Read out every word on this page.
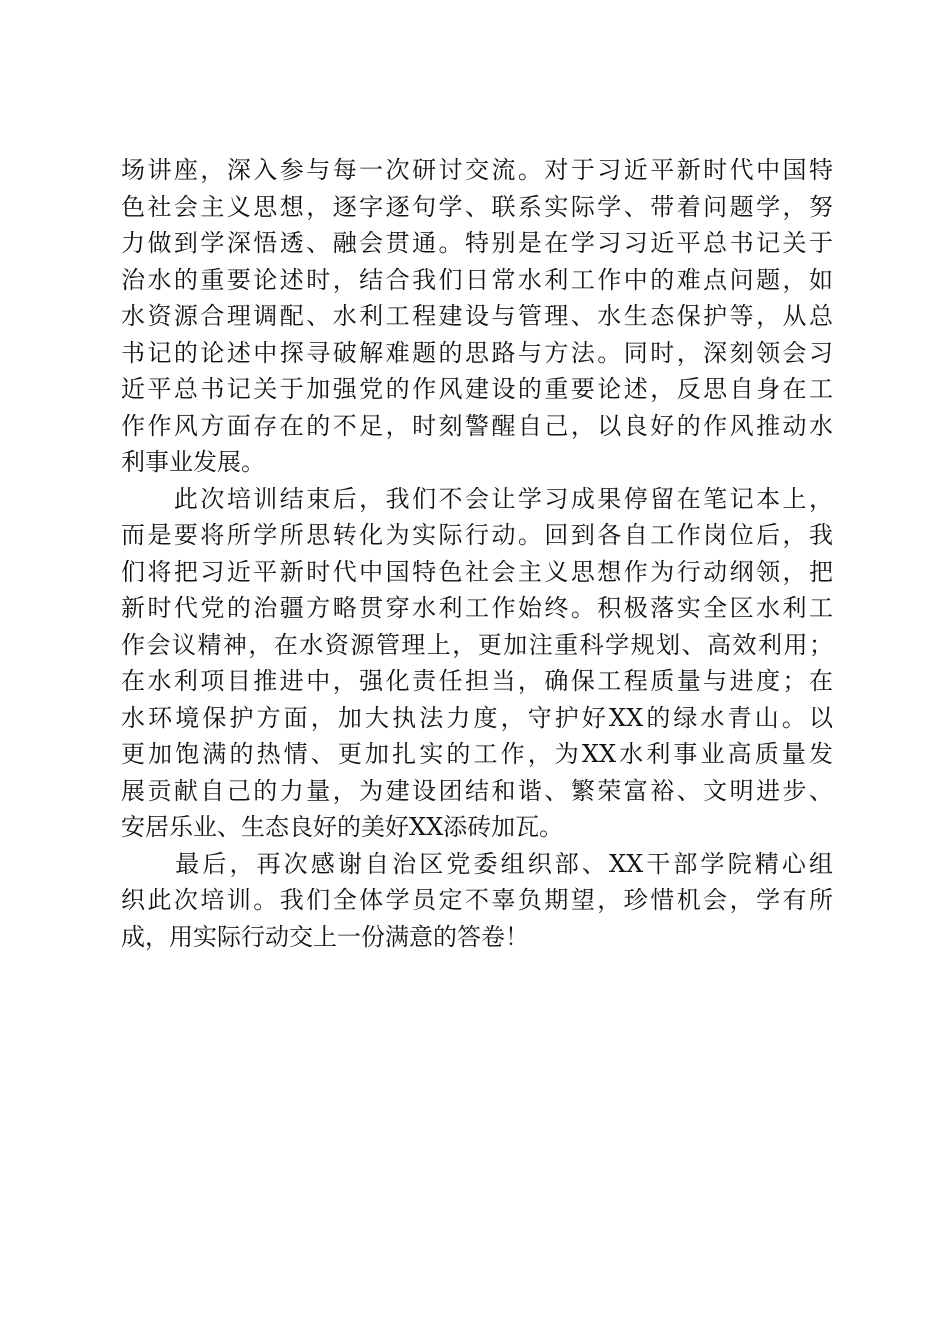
场讲座，深入参与每一次研讨交流。对于习近平新时代中国特
色社会主义思想，逐字逐句学、联系实际学、带着问题学，努
力做到学深悟透、融会贯通。特别是在学习习近平总书记关于
治水的重要论述时，结合我们日常水利工作中的难点问题，如
水资源合理调配、水利工程建设与管理、水生态保护等，从总
书记的论述中探寻破解难题的思路与方法。同时，深刻领会习
近平总书记关于加强党的作风建设的重要论述，反思自身在工
作作风方面存在的不足，时刻警醒自己，以良好的作风推动水
利事业发展。
　　此次培训结束后，我们不会让学习成果停留在笔记本上，
而是要将所学所思转化为实际行动。回到各自工作岗位后，我
们将把习近平新时代中国特色社会主义思想作为行动纲领，把
新时代党的治疆方略贯穿水利工作始终。积极落实全区水利工
作会议精神，在水资源管理上，更加注重科学规划、高效利用；
在水利项目推进中，强化责任担当，确保工程质量与进度；在
水环境保护方面，加大执法力度，守护好XX的绿水青山。以
更加饱满的热情、更加扎实的工作，为XX水利事业高质量发
展贡献自己的力量，为建设团结和谐、繁荣富裕、文明进步、
安居乐业、生态良好的美好XX添砖加瓦。
　　最后，再次感谢自治区党委组织部、XX干部学院精心组
织此次培训。我们全体学员定不辜负期望，珍惜机会，学有所
成，用实际行动交上一份满意的答卷！
